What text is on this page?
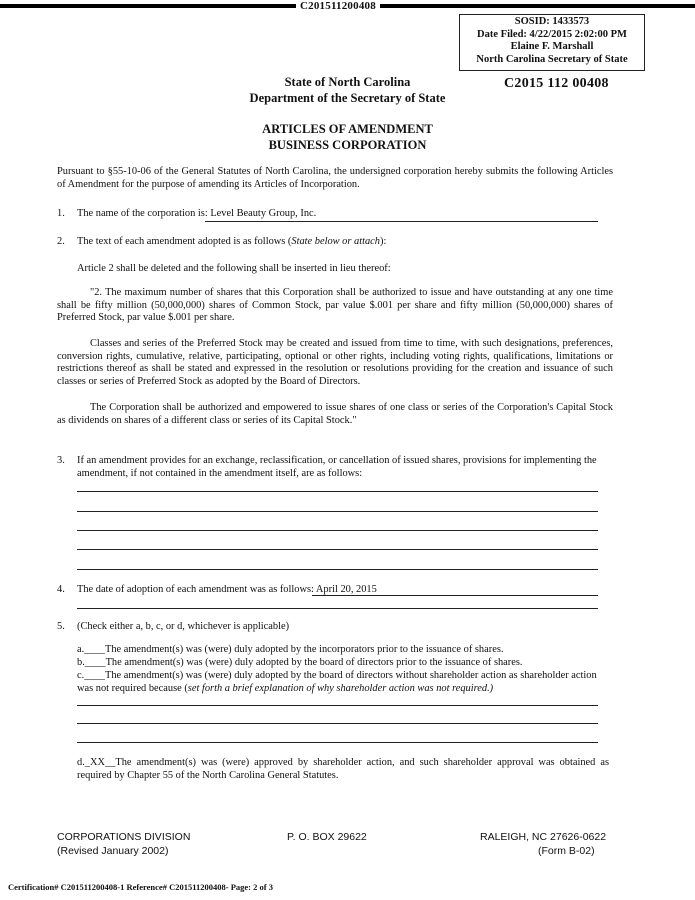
C201511200408
SOSID: 1433573
Date Filed: 4/22/2015 2:02:00 PM
Elaine F. Marshall
North Carolina Secretary of State
C2015 112 00408
State of North Carolina
Department of the Secretary of State
ARTICLES OF AMENDMENT
BUSINESS CORPORATION
Pursuant to §55-10-06 of the General Statutes of North Carolina, the undersigned corporation hereby submits the following Articles of Amendment for the purpose of amending its Articles of Incorporation.
1. The name of the corporation is: Level Beauty Group, Inc.
2. The text of each amendment adopted is as follows (State below or attach):
Article 2 shall be deleted and the following shall be inserted in lieu thereof:
"2. The maximum number of shares that this Corporation shall be authorized to issue and have outstanding at any one time shall be fifty million (50,000,000) shares of Common Stock, par value $.001 per share and fifty million (50,000,000) shares of Preferred Stock, par value $.001 per share.
Classes and series of the Preferred Stock may be created and issued from time to time, with such designations, preferences, conversion rights, cumulative, relative, participating, optional or other rights, including voting rights, qualifications, limitations or restrictions thereof as shall be stated and expressed in the resolution or resolutions providing for the creation and issuance of such classes or series of Preferred Stock as adopted by the Board of Directors.
The Corporation shall be authorized and empowered to issue shares of one class or series of the Corporation's Capital Stock as dividends on shares of a different class or series of its Capital Stock."
3. If an amendment provides for an exchange, reclassification, or cancellation of issued shares, provisions for implementing the amendment, if not contained in the amendment itself, are as follows:
4. The date of adoption of each amendment was as follows: April 20, 2015
5. (Check either a, b, c, or d, whichever is applicable)
a.____The amendment(s) was (were) duly adopted by the incorporators prior to the issuance of shares.
b.____The amendment(s) was (were) duly adopted by the board of directors prior to the issuance of shares.
c.____The amendment(s) was (were) duly adopted by the board of directors without shareholder action as shareholder action
was not required because (set forth a brief explanation of why shareholder action was not required.)
d._XX__The amendment(s) was (were) approved by shareholder action, and such shareholder approval was obtained as required by Chapter 55 of the North Carolina General Statutes.
CORPORATIONS DIVISION
(Revised January 2002)
P. O. BOX 29622	RALEIGH, NC 27626-0622
(Form B-02)
Certification# C201511200408-1 Reference# C201511200408- Page: 2 of 3
